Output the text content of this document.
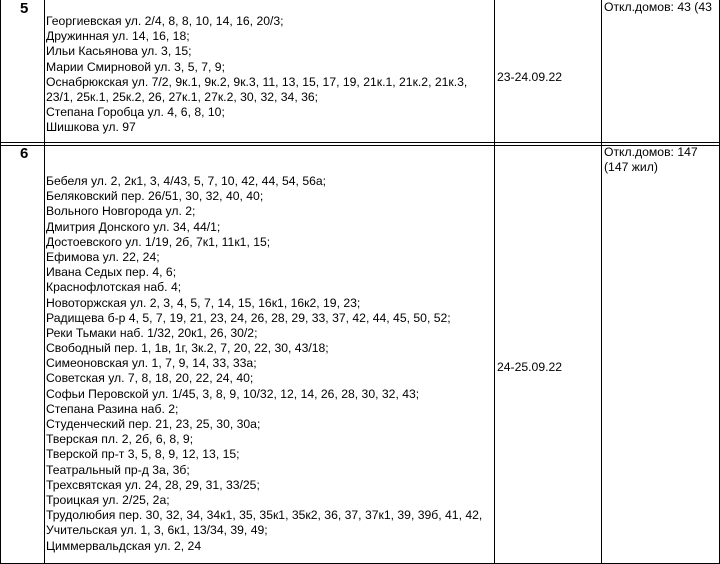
5
Георгиевская ул. 2/4, 8, 8, 10, 14, 16, 20/3;
Дружинная ул. 14, 16, 18;
Ильи Касьянова ул. 3, 15;
Марии Смирновой ул. 3, 5, 7, 9;
Оснабрюкская ул. 7/2, 9к.1, 9к.2, 9к.3, 11, 13, 15, 17, 19, 21к.1, 21к.2, 21к.3,
23/1, 25к.1, 25к.2, 26, 27к.1, 27к.2, 30, 32, 34, 36;
Степана Горобца ул. 4, 6, 8, 10;
Шишкова ул. 97
23-24.09.22
Откл.домов: 43 (43
6
Бебеля ул. 2, 2к1, 3, 4/43, 5, 7, 10, 42, 44, 54, 56а;
Беляковский пер. 26/51, 30, 32, 40, 40;
Вольного Новгорода ул. 2;
Дмитрия Донского ул. 34, 44/1;
Достоевского ул. 1/19, 2б, 7к1, 11к1, 15;
Ефимова ул. 22, 24;
Ивана Седых пер. 4, 6;
Краснофлотская наб. 4;
Новоторжская ул. 2, 3, 4, 5, 7, 14, 15, 16к1, 16к2, 19, 23;
Радищева б-р 4, 5, 7, 19, 21, 23, 24, 26, 28, 29, 33, 37, 42, 44, 45, 50, 52;
Реки Тьмаки наб. 1/32, 20к1, 26, 30/2;
Свободный пер. 1, 1в, 1г, 3к.2, 7, 20, 22, 30, 43/18;
Симеоновская ул. 1, 7, 9, 14, 33, 33а;
Советская ул. 7, 8, 18, 20, 22, 24, 40;
Софьи Перовской ул. 1/45, 3, 8, 9, 10/32, 12, 14, 26, 28, 30, 32, 43;
Степана Разина наб. 2;
Студенческий пер. 21, 23, 25, 30, 30а;
Тверская пл. 2, 2б, 6, 8, 9;
Тверской пр-т 3, 5, 8, 9, 12, 13, 15;
Театральный пр-д 3а, 3б;
Трехсвятская ул. 24, 28, 29, 31, 33/25;
Троицкая ул. 2/25, 2а;
Трудолюбия пер. 30, 32, 34, 34к1, 35, 35к1, 35к2, 36, 37, 37к1, 39, 39б, 41, 42,
Учительская ул. 1, 3, 6к1, 13/34, 39, 49;
Циммервальдская ул. 2, 24
24-25.09.22
Откл.домов: 147
(147 жил)
